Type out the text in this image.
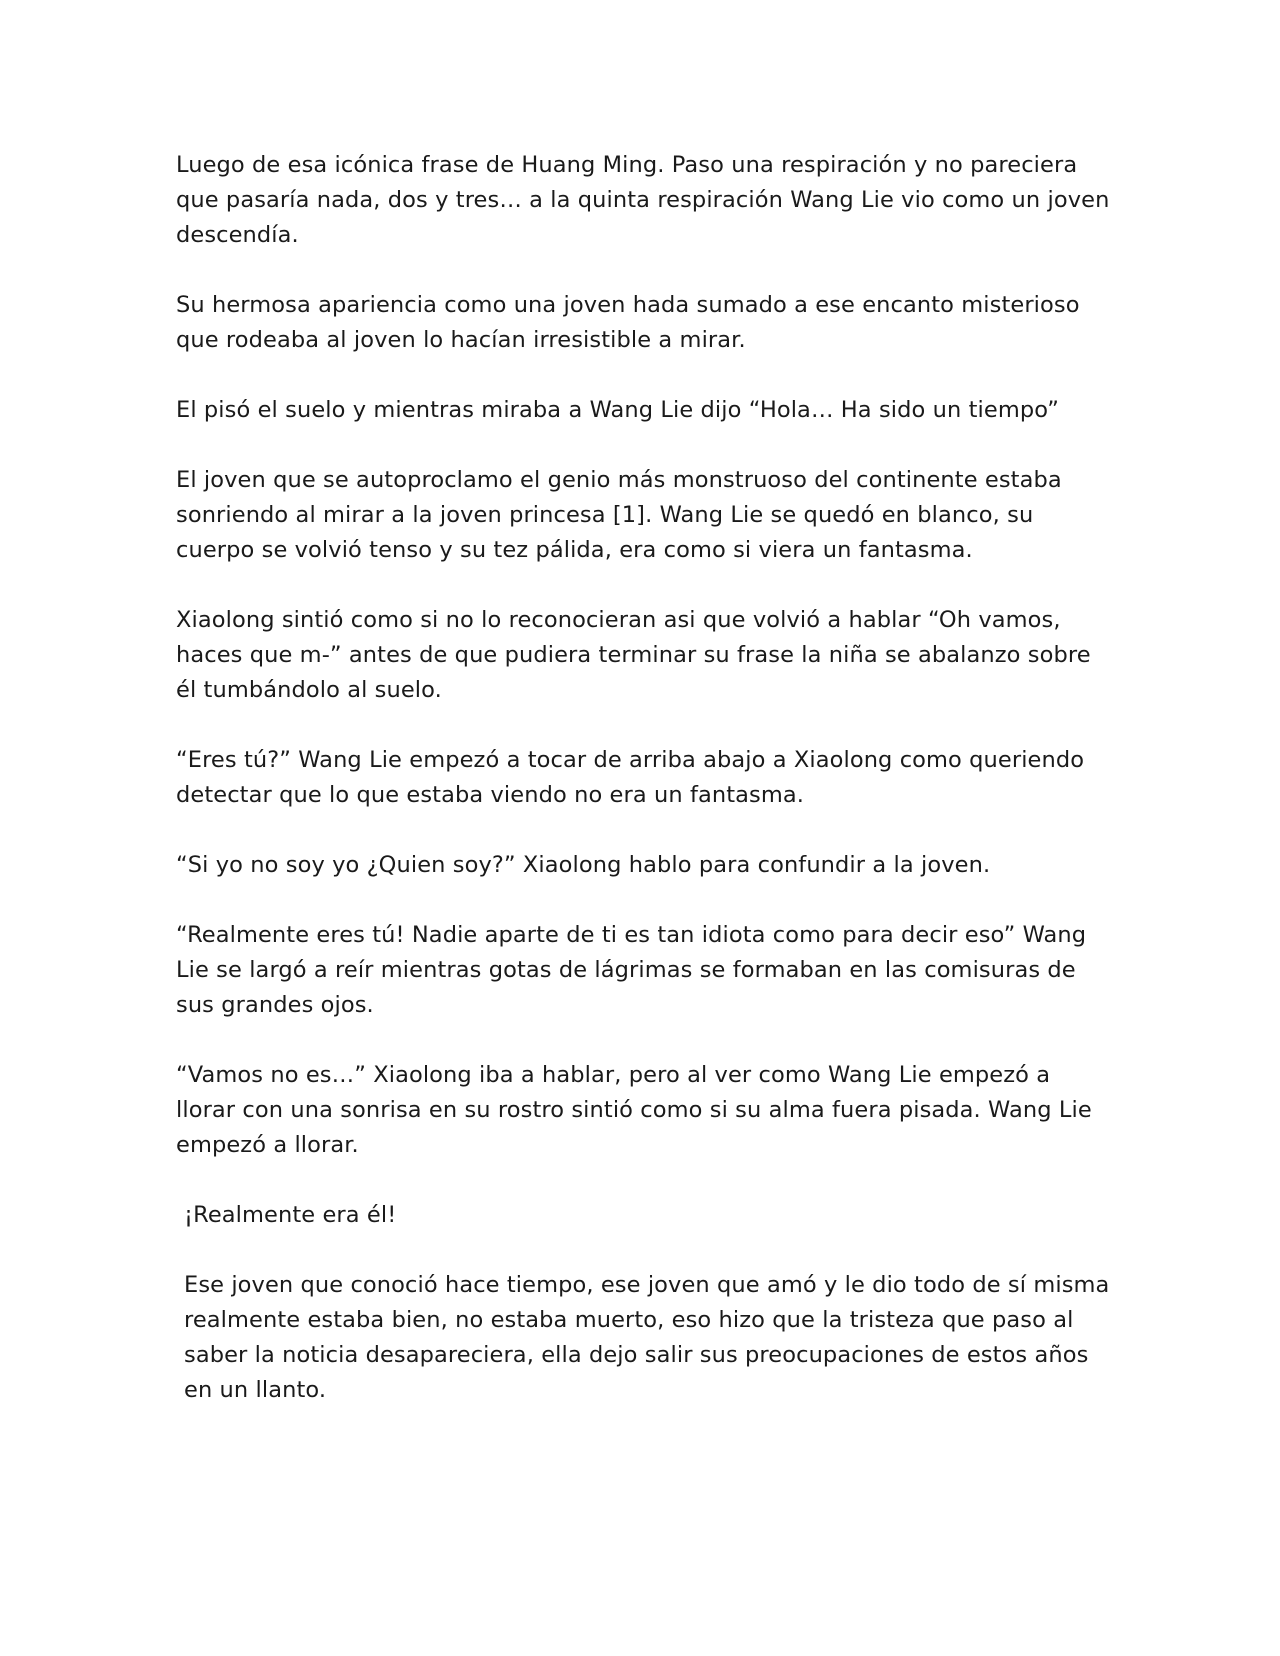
Luego de esa icónica frase de Huang Ming. Paso una respiración y no pareciera que pasaría nada, dos y tres… a la quinta respiración Wang Lie vio como un joven descendía.

Su hermosa apariencia como una joven hada sumado a ese encanto misterioso que rodeaba al joven lo hacían irresistible a mirar.

El pisó el suelo y mientras miraba a Wang Lie dijo “Hola… Ha sido un tiempo”

El joven que se autoproclamo el genio más monstruoso del continente estaba sonriendo al mirar a la joven princesa [1]. Wang Lie se quedó en blanco, su cuerpo se volvió tenso y su tez pálida, era como si viera un fantasma.

Xiaolong sintió como si no lo reconocieran asi que volvió a hablar “Oh vamos, haces que m-” antes de que pudiera terminar su frase la niña se abalanzo sobre él tumbándolo al suelo.

“Eres tú?” Wang Lie empezó a tocar de arriba abajo a Xiaolong como queriendo detectar que lo que estaba viendo no era un fantasma.

“Si yo no soy yo ¿Quien soy?” Xiaolong hablo para confundir a la joven.

“Realmente eres tú! Nadie aparte de ti es tan idiota como para decir eso” Wang Lie se largó a reír mientras gotas de lágrimas se formaban en las comisuras de sus grandes ojos.

“Vamos no es…” Xiaolong iba a hablar, pero al ver como Wang Lie empezó a llorar con una sonrisa en su rostro sintió como si su alma fuera pisada. Wang Lie empezó a llorar.

¡Realmente era él!

Ese joven que conoció hace tiempo, ese joven que amó y le dio todo de sí misma realmente estaba bien, no estaba muerto, eso hizo que la tristeza que paso al saber la noticia desapareciera, ella dejo salir sus preocupaciones de estos años en un llanto.
